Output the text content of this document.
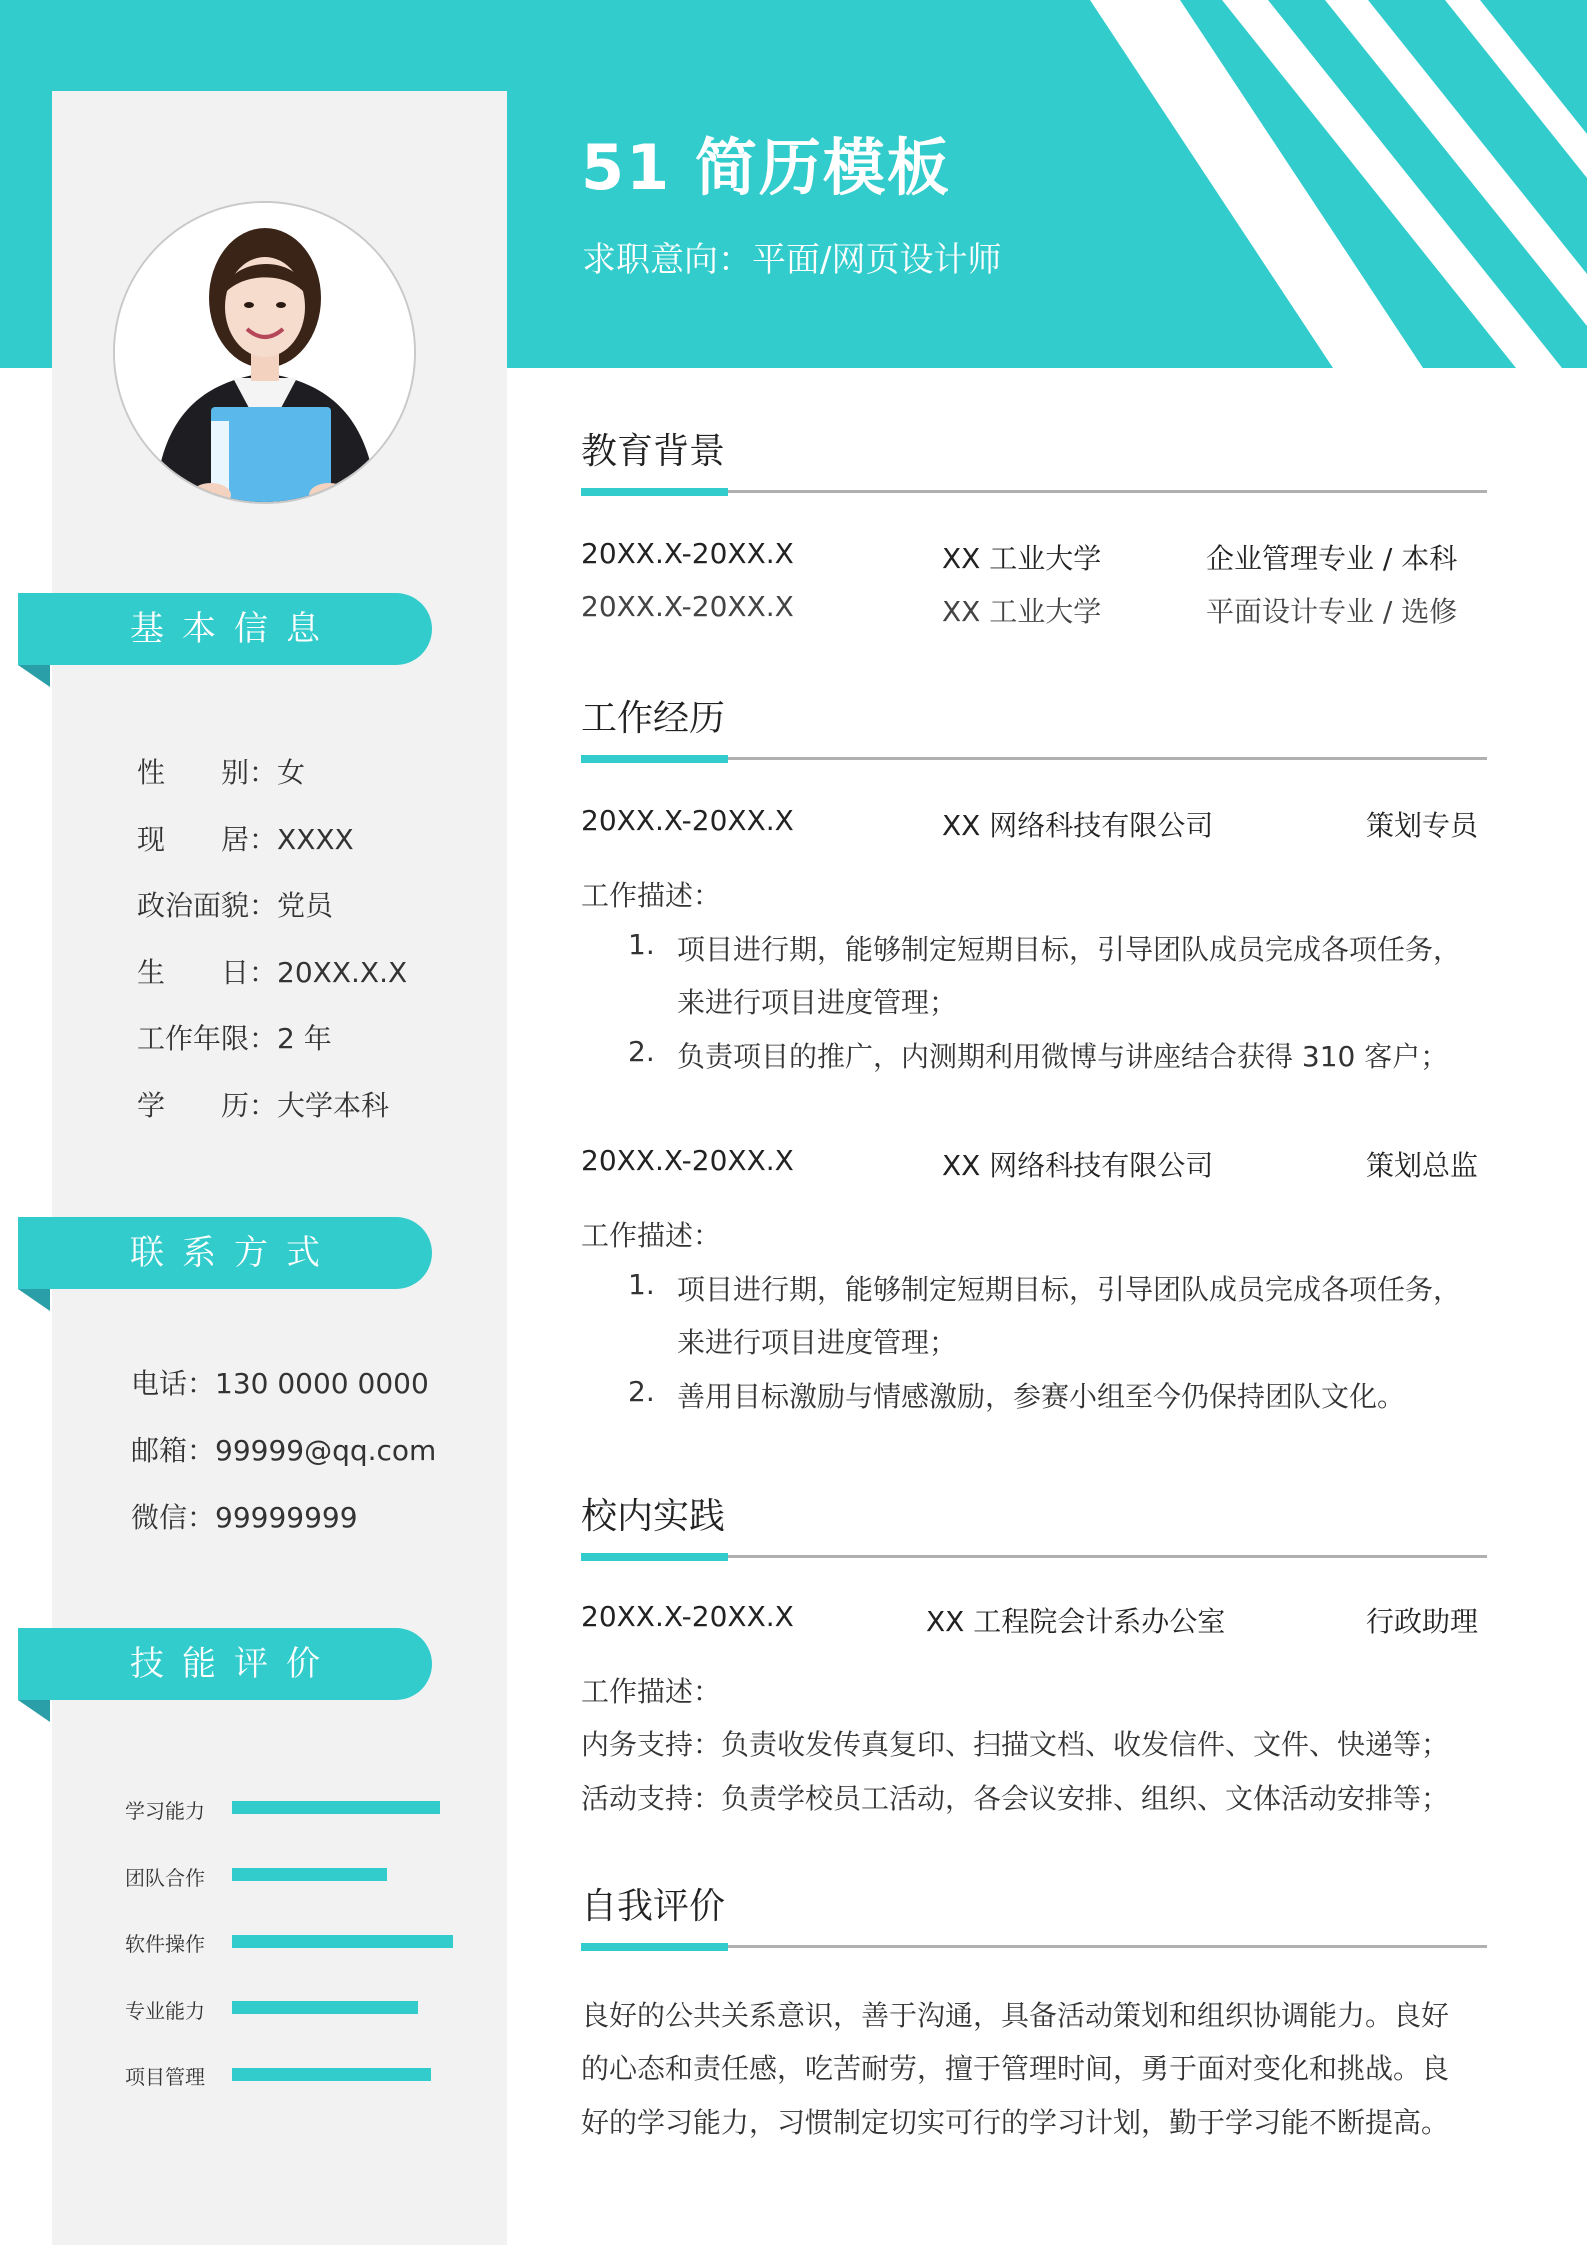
51 简历模板
求职意向：平面/网页设计师
基本信息
性　　别：女
现　　居：XXXX
政治面貌：党员
生　　日：20XX.X.X
工作年限：2 年
学　　历：大学本科
联系方式
电话：130 0000 0000
邮箱：99999@qq.com
微信：99999999
技能评价
学习能力
团队合作
软件操作
专业能力
项目管理
教育背景
20XX.X-20XX.X	XX 工业大学	企业管理专业 / 本科
20XX.X-20XX.X	XX 工业大学	平面设计专业 / 选修
工作经历
20XX.X-20XX.X	XX 网络科技有限公司	策划专员
工作描述：
1. 项目进行期，能够制定短期目标，引导团队成员完成各项任务，
来进行项目进度管理；
2. 负责项目的推广，内测期利用微博与讲座结合获得 310 客户；
20XX.X-20XX.X	XX 网络科技有限公司	策划总监
工作描述：
1. 项目进行期，能够制定短期目标，引导团队成员完成各项任务，
来进行项目进度管理；
2. 善用目标激励与情感激励，参赛小组至今仍保持团队文化。
校内实践
20XX.X-20XX.X	XX 工程院会计系办公室	行政助理
工作描述：
内务支持：负责收发传真复印、扫描文档、收发信件、文件、快递等；
活动支持：负责学校员工活动，各会议安排、组织、文体活动安排等；
自我评价
良好的公共关系意识，善于沟通，具备活动策划和组织协调能力。良好
的心态和责任感，吃苦耐劳，擅于管理时间，勇于面对变化和挑战。良
好的学习能力，习惯制定切实可行的学习计划，勤于学习能不断提高。
